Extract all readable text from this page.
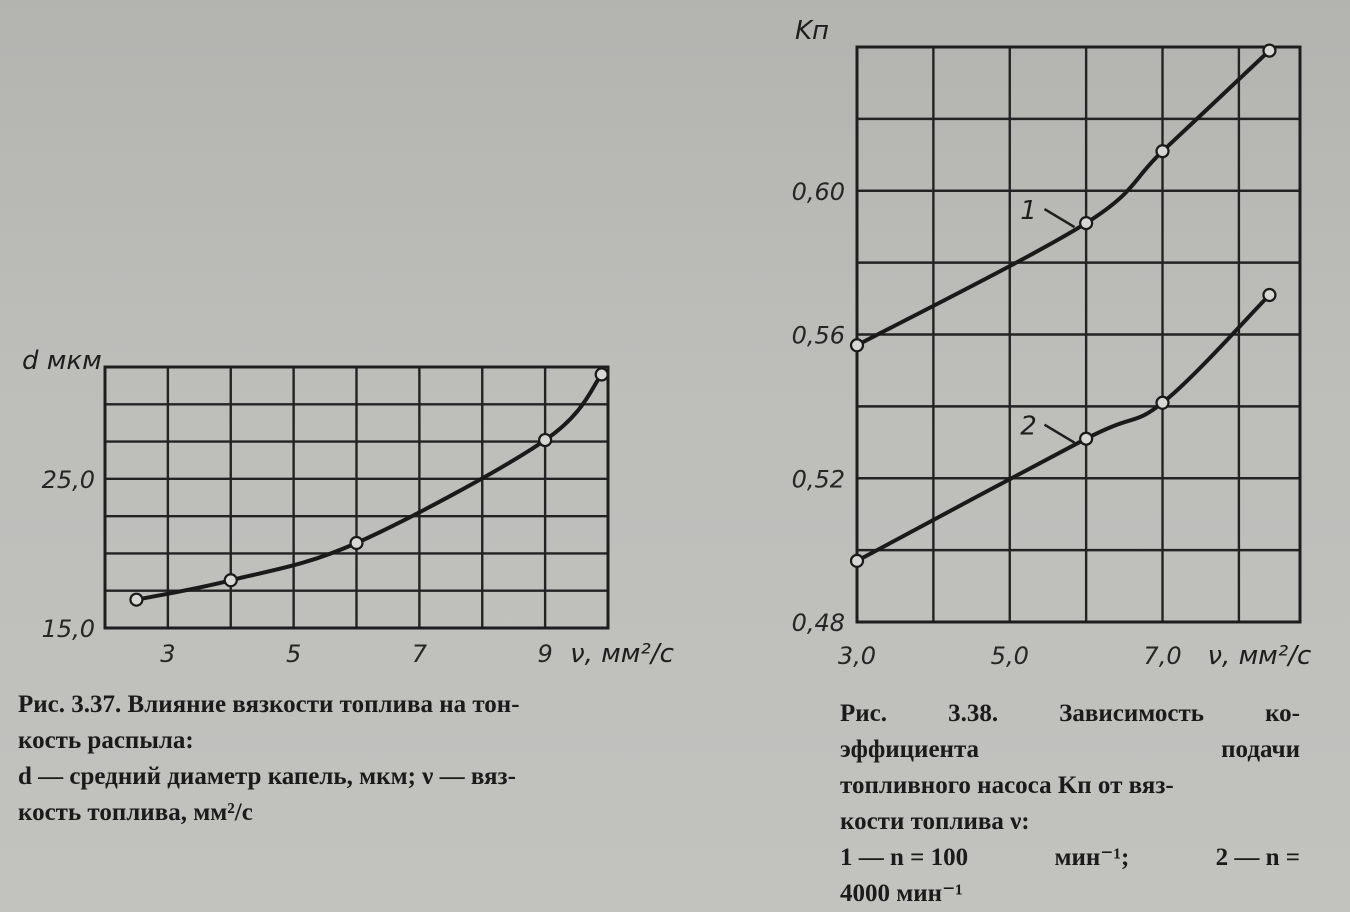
3	5	7	9
15,0
25,0
ν, мм²/с
d мкм
3,0	5,0	7,0
0,48
0,52
0,56
0,60
ν, мм²/с
Kп
1
2
Рис. 3.37. Влияние вязкости топлива на тон-
кость распыла:
d — средний диаметр капель, мкм; ν — вяз-
кость топлива, мм²/с
Рис. 3.38. Зависимость ко-
эффициента	подачи
топливного насоса Kп от вяз-
кости топлива ν:
1 — n = 100	мин⁻¹;	2 — n =
4000 мин⁻¹
